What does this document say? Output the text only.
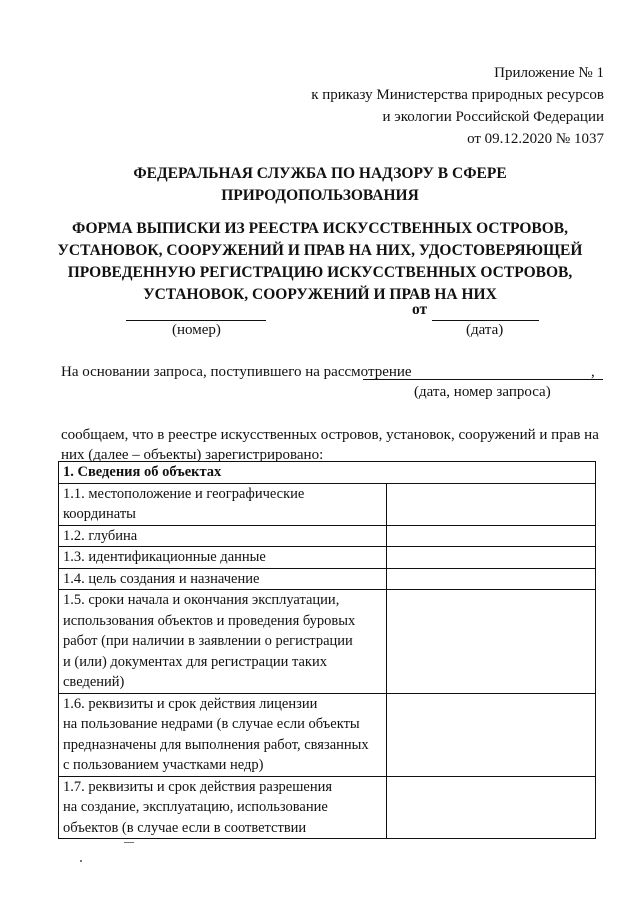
Приложение № 1
к приказу Министерства природных ресурсов
и экологии Российской Федерации
от 09.12.2020 № 1037
ФЕДЕРАЛЬНАЯ СЛУЖБА ПО НАДЗОРУ В СФЕРЕ
ПРИРОДОПОЛЬЗОВАНИЯ
ФОРМА ВЫПИСКИ ИЗ РЕЕСТРА ИСКУССТВЕННЫХ ОСТРОВОВ,
УСТАНОВОК, СООРУЖЕНИЙ И ПРАВ НА НИХ, УДОСТОВЕРЯЮЩЕЙ
ПРОВЕДЕННУЮ РЕГИСТРАЦИЮ ИСКУССТВЕННЫХ ОСТРОВОВ,
УСТАНОВОК, СООРУЖЕНИЙ И ПРАВ НА НИХ
от
(номер)	(дата)
На основании запроса, поступившего на рассмотрение	,
(дата, номер запроса)
сообщаем, что в реестре искусственных островов, установок, сооружений и прав на
них (далее – объекты) зарегистрировано:
1. Сведения об объектах	

1.1. местоположение и географические
координаты	

1.2. глубина	

1.3. идентификационные данные	

1.4. цель создания и назначение	

1.5. сроки начала и окончания эксплуатации,
использования объектов и проведения буровых
работ (при наличии в заявлении о регистрации
и (или) документах для регистрации таких
сведений)	

1.6. реквизиты и срок действия лицензии
на пользование недрами (в случае если объекты
предназначены для выполнения работ, связанных
с пользованием участками недр)	

1.7. реквизиты и срок действия разрешения
на создание, эксплуатацию, использование
объектов (в случае если в соответствии	
